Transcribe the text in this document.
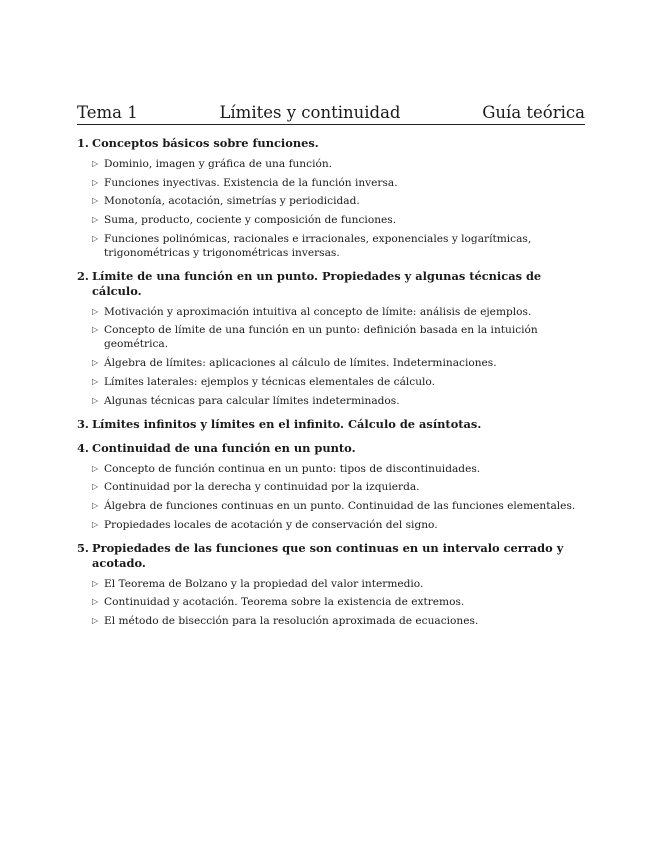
Tema 1	Límites y continuidad	Guía teórica
1. Conceptos básicos sobre funciones.
▷ Dominio, imagen y gráfica de una función.
▷ Funciones inyectivas. Existencia de la función inversa.
▷ Monotonía, acotación, simetrías y periodicidad.
▷ Suma, producto, cociente y composición de funciones.
▷ Funciones polinómicas, racionales e irracionales, exponenciales y logarítmicas, trigonométricas y trigonométricas inversas.
2. Límite de una función en un punto. Propiedades y algunas técnicas de cálculo.
▷ Motivación y aproximación intuitiva al concepto de límite: análisis de ejemplos.
▷ Concepto de límite de una función en un punto: definición basada en la intuición geométrica.
▷ Álgebra de límites: aplicaciones al cálculo de límites. Indeterminaciones.
▷ Límites laterales: ejemplos y técnicas elementales de cálculo.
▷ Algunas técnicas para calcular límites indeterminados.
3. Límites infinitos y límites en el infinito. Cálculo de asíntotas.
4. Continuidad de una función en un punto.
▷ Concepto de función continua en un punto: tipos de discontinuidades.
▷ Continuidad por la derecha y continuidad por la izquierda.
▷ Álgebra de funciones continuas en un punto. Continuidad de las funciones elementales.
▷ Propiedades locales de acotación y de conservación del signo.
5. Propiedades de las funciones que son continuas en un intervalo cerrado y acotado.
▷ El Teorema de Bolzano y la propiedad del valor intermedio.
▷ Continuidad y acotación. Teorema sobre la existencia de extremos.
▷ El método de bisección para la resolución aproximada de ecuaciones.
